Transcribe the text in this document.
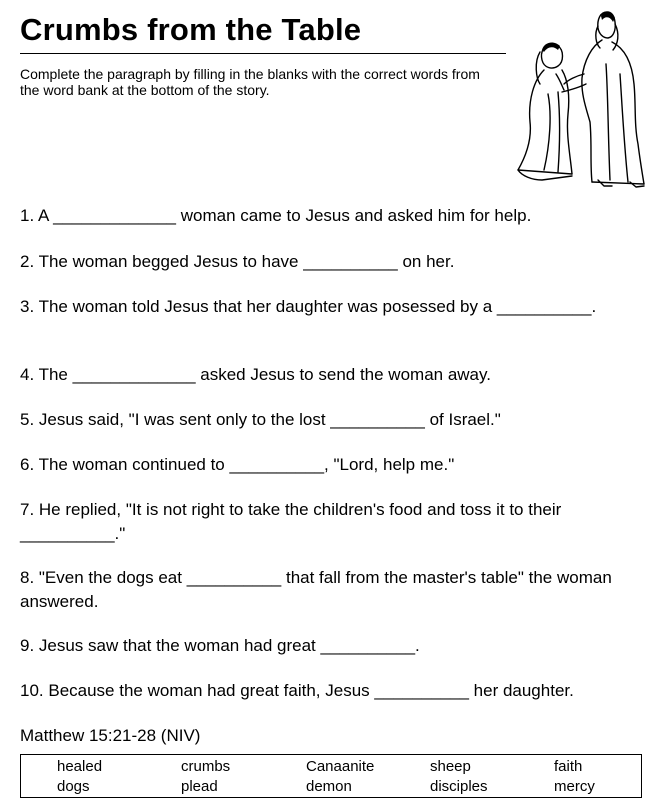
Crumbs from the Table
Complete the paragraph by filling in the blanks with the correct words from the word bank at the bottom of the story.
1. A _____________ woman came to Jesus and asked him for help.
2. The woman begged Jesus to have __________ on her.
3. The woman told Jesus that her daughter was posessed by a __________.
4. The _____________ asked Jesus to send the woman away.
5. Jesus said, "I was sent only to the lost __________ of Israel."
6. The woman continued to __________, "Lord, help me."
7. He replied, "It is not right to take the children's food and toss it to their __________."
8. "Even the dogs eat __________ that fall from the master's table" the woman answered.
9. Jesus saw that the woman had great __________.
10. Because the woman had great faith, Jesus __________ her daughter.
Matthew 15:21-28 (NIV)
healed	crumbs	Canaanite	sheep	faith
dogs	plead	demon	disciples	mercy
